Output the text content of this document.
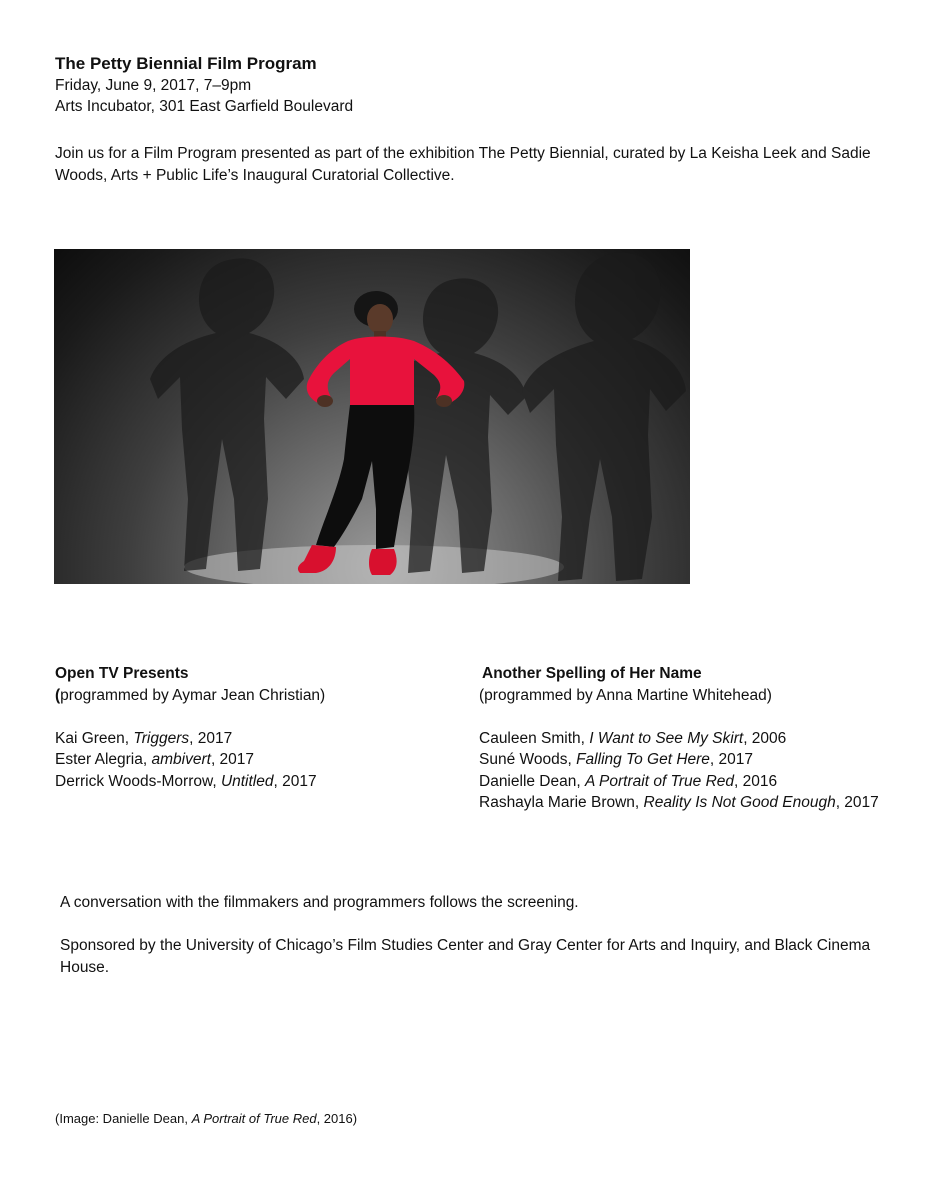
The Petty Biennial Film Program
Friday, June 9, 2017, 7–9pm
Arts Incubator, 301 East Garfield Boulevard
Join us for a Film Program presented as part of the exhibition The Petty Biennial, curated by La Keisha Leek and Sadie Woods, Arts + Public Life’s Inaugural Curatorial Collective.
Open TV Presents
(programmed by Aymar Jean Christian)
Kai Green, Triggers, 2017
Ester Alegria, ambivert, 2017
Derrick Woods-Morrow, Untitled, 2017
Another Spelling of Her Name
(programmed by Anna Martine Whitehead)
Cauleen Smith, I Want to See My Skirt, 2006
Suné Woods, Falling To Get Here, 2017
Danielle Dean, A Portrait of True Red, 2016
Rashayla Marie Brown, Reality Is Not Good Enough, 2017
A conversation with the filmmakers and programmers follows the screening.
Sponsored by the University of Chicago’s Film Studies Center and Gray Center for Arts and Inquiry, and Black Cinema House.
(Image: Danielle Dean, A Portrait of True Red, 2016)
